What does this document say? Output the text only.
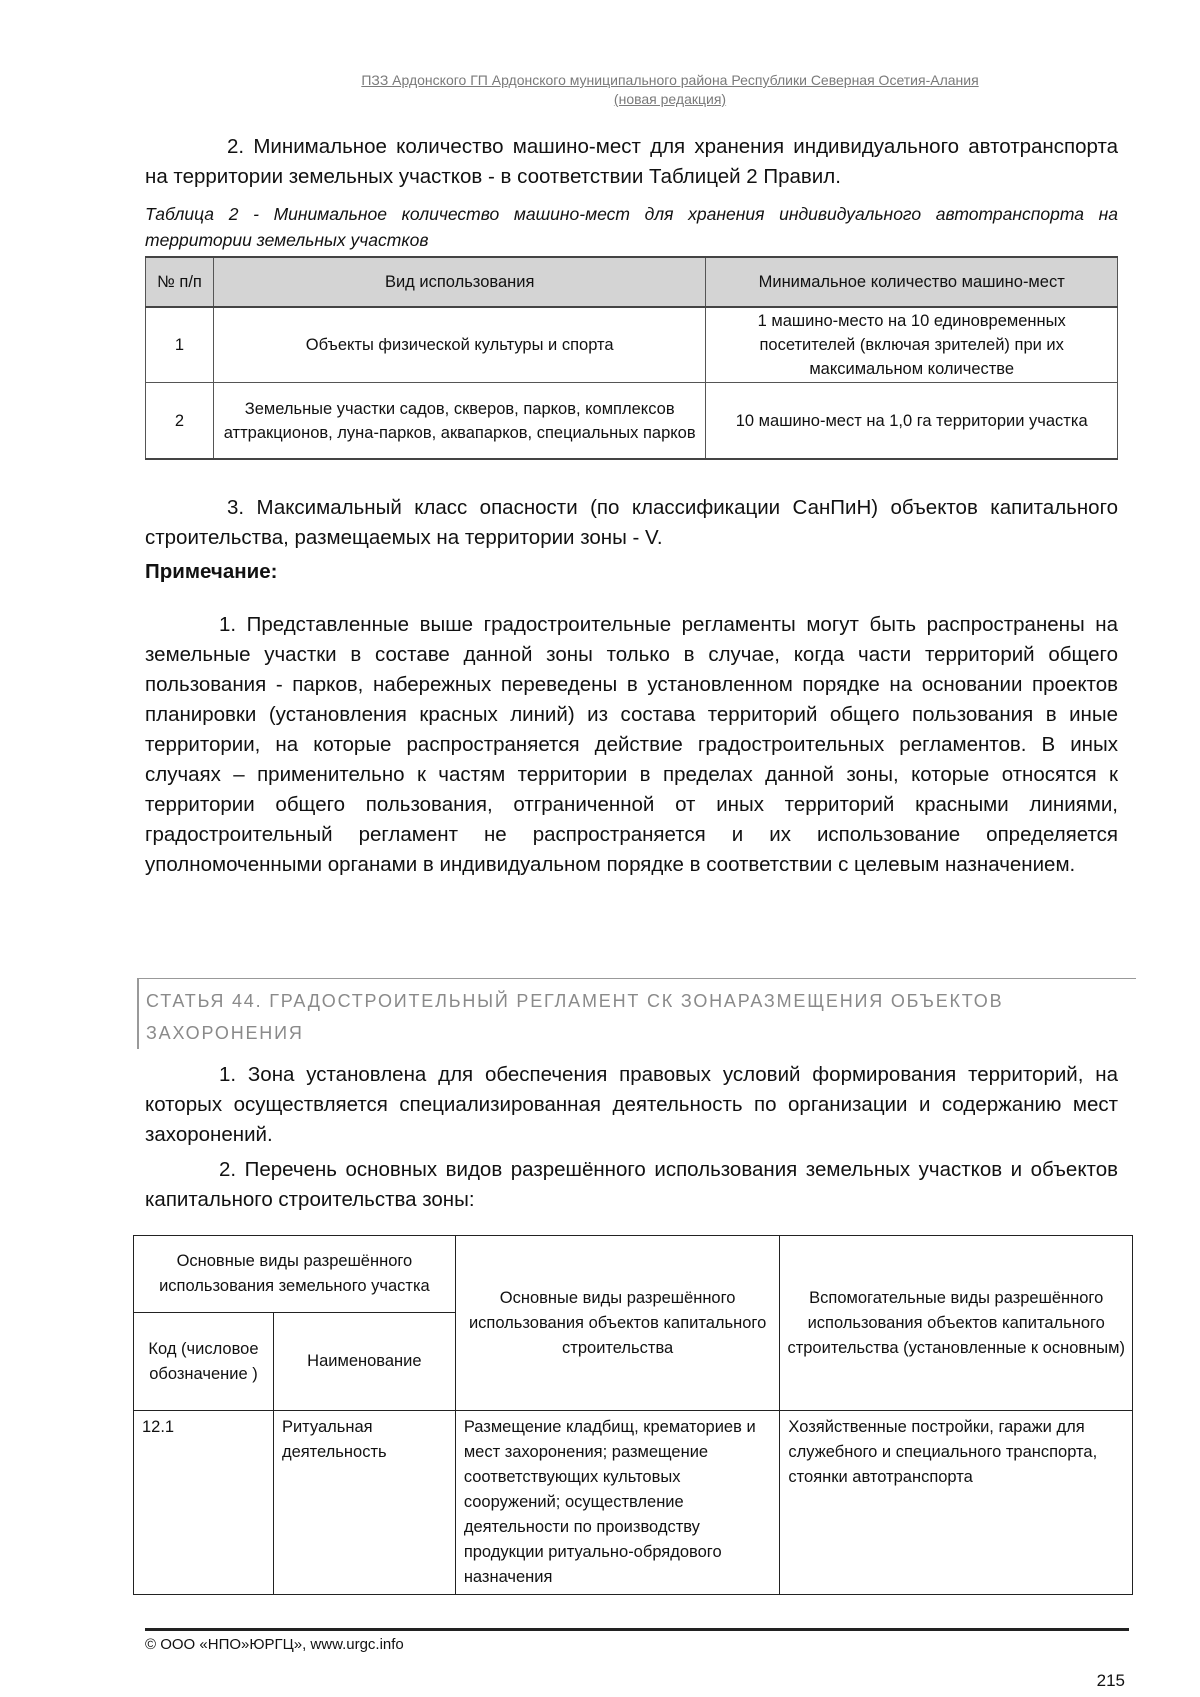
ПЗЗ Ардонского ГП Ардонского муниципального района Республики Северная Осетия-Алания
(новая редакция)
2. Минимальное количество машино-мест для хранения индивидуального автотранспорта на территории земельных участков - в соответствии Таблицей 2 Правил.
Таблица 2 - Минимальное количество машино-мест для хранения индивидуального автотранспорта на территории земельных участков
№ п/п	Вид использования	Минимальное количество машино-мест
1	Объекты физической культуры и спорта	1 машино-место на 10 единовременных посетителей (включая зрителей) при их максимальном количестве
2	Земельные участки садов, скверов, парков, комплексов аттракционов, луна-парков, аквапарков, специальных парков	10 машино-мест на 1,0 га территории участка
3. Максимальный класс опасности (по классификации СанПиН) объектов капитального строительства, размещаемых на территории зоны - V.
Примечание:
1. Представленные выше градостроительные регламенты могут быть распространены на земельные участки в составе данной зоны только в случае, когда части территорий общего пользования - парков, набережных переведены в установленном порядке на основании проектов планировки (установления красных линий) из состава территорий общего пользования в иные территории, на которые распространяется действие градостроительных регламентов. В иных случаях – применительно к частям территории в пределах данной зоны, которые относятся к территории общего пользования, отграниченной от иных территорий красными линиями, градостроительный регламент не распространяется и их использование определяется уполномоченными органами в индивидуальном порядке в соответствии с целевым назначением.
СТАТЬЯ 44. ГРАДОСТРОИТЕЛЬНЫЙ РЕГЛАМЕНТ СК ЗОНАРАЗМЕЩЕНИЯ ОБЪЕКТОВ ЗАХОРОНЕНИЯ
1. Зона установлена для обеспечения правовых условий формирования территорий, на которых осуществляется специализированная деятельность по организации и содержанию мест захоронений.
2. Перечень основных видов разрешённого использования земельных участков и объектов капитального строительства зоны:
Основные виды разрешённого использования земельного участка		Основные виды разрешённого использования объектов капитального строительства	Вспомогательные виды разрешённого использования объектов капитального строительства (установленные к основным)
Код (числовое обозначение )	Наименование		
12.1	Ритуальная деятельность	Размещение кладбищ, крематориев и мест захоронения; размещение соответствующих культовых сооружений; осуществление деятельности по производству продукции ритуально-обрядового назначения	Хозяйственные постройки, гаражи для служебного и специального транспорта, стоянки автотранспорта
© ООО «НПО»ЮРГЦ», www.urgc.info
215
